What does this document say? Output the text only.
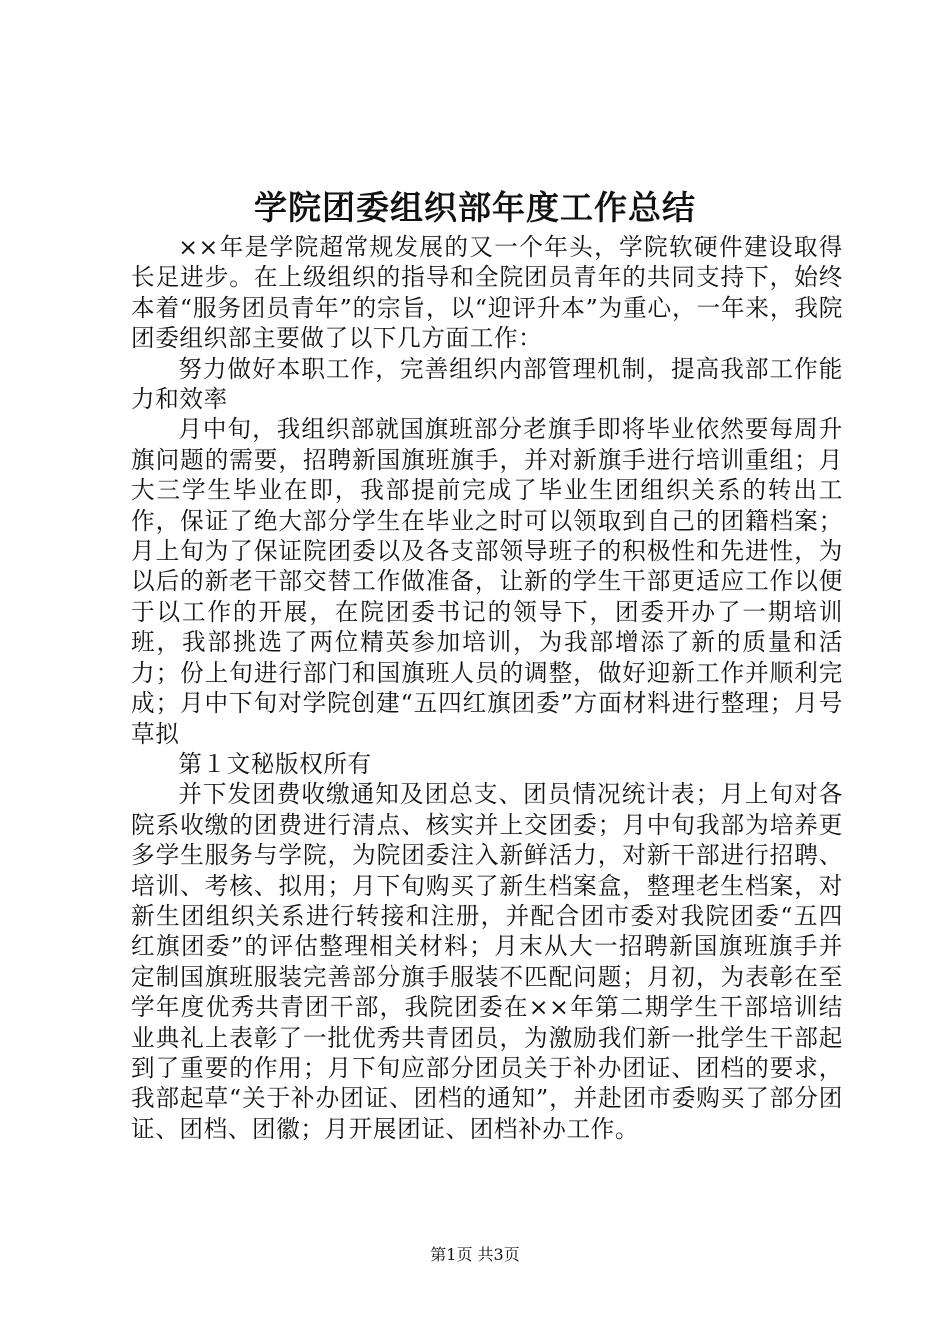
学院团委组织部年度工作总结

××年是学院超常规发展的又一个年头，学院软硬件建设取得长足进步。在上级组织的指导和全院团员青年的共同支持下，始终本着“服务团员青年”的宗旨，以“迎评升本”为重心，一年来，我院团委组织部主要做了以下几方面工作：

努力做好本职工作，完善组织内部管理机制，提高我部工作能力和效率

月中旬，我组织部就国旗班部分老旗手即将毕业依然要每周升旗问题的需要，招聘新国旗班旗手，并对新旗手进行培训重组；月大三学生毕业在即，我部提前完成了毕业生团组织关系的转出工作，保证了绝大部分学生在毕业之时可以领取到自己的团籍档案；月上旬为了保证院团委以及各支部领导班子的积极性和先进性，为以后的新老干部交替工作做准备，让新的学生干部更适应工作以便于以工作的开展，在院团委书记的领导下，团委开办了一期培训班，我部挑选了两位精英参加培训，为我部增添了新的质量和活力；份上旬进行部门和国旗班人员的调整，做好迎新工作并顺利完成；月中下旬对学院创建“五四红旗团委”方面材料进行整理；月号草拟

第１文秘版权所有

并下发团费收缴通知及团总支、团员情况统计表；月上旬对各院系收缴的团费进行清点、核实并上交团委；月中旬我部为培养更多学生服务与学院，为院团委注入新鲜活力，对新干部进行招聘、培训、考核、拟用；月下旬购买了新生档案盒，整理老生档案，对新生团组织关系进行转接和注册，并配合团市委对我院团委“五四红旗团委”的评估整理相关材料；月末从大一招聘新国旗班旗手并定制国旗班服装完善部分旗手服装不匹配问题；月初，为表彰在至学年度优秀共青团干部，我院团委在××年第二期学生干部培训结业典礼上表彰了一批优秀共青团员，为激励我们新一批学生干部起到了重要的作用；月下旬应部分团员关于补办团证、团档的要求，我部起草“关于补办团证、团档的通知”，并赴团市委购买了部分团证、团档、团徽；月开展团证、团档补办工作。

第1页 共3页
